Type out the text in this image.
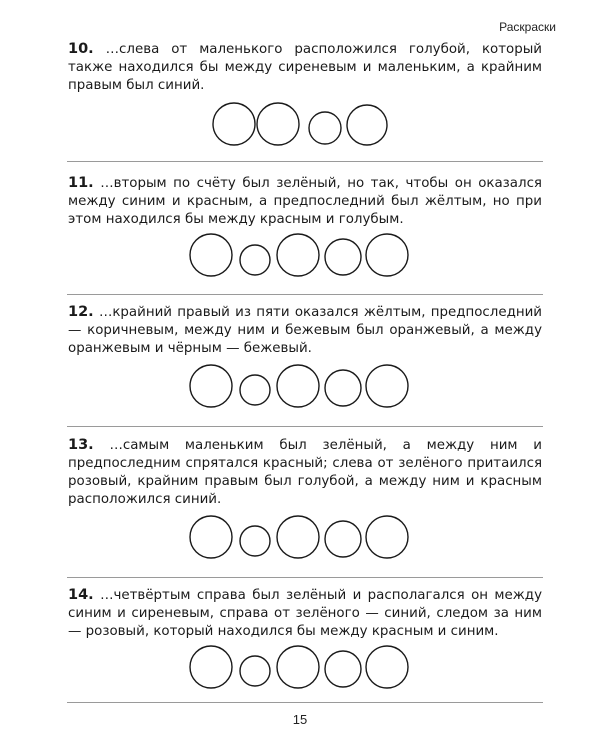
Раскраски

10. …слева от маленького расположился голубой, который также находился бы между сиреневым и маленьким, а крайним правым был синий.

11. …вторым по счёту был зелёный, но так, чтобы он оказался между синим и красным, а предпоследний был жёлтым, но при этом находился бы между красным и голубым.

12. …крайний правый из пяти оказался жёлтым, предпоследний — коричневым, между ним и бежевым был оранжевый, а между оранжевым и чёрным — бежевый.

13. …самым маленьким был зелёный, а между ним и предпоследним спрятался красный; слева от зелёного притаился розовый, крайним правым был голубой, а между ним и красным расположился синий.

14. …четвёртым справа был зелёный и располагался он между синим и сиреневым, справа от зелёного — синий, следом за ним — розовый, который находился бы между красным и синим.

15
